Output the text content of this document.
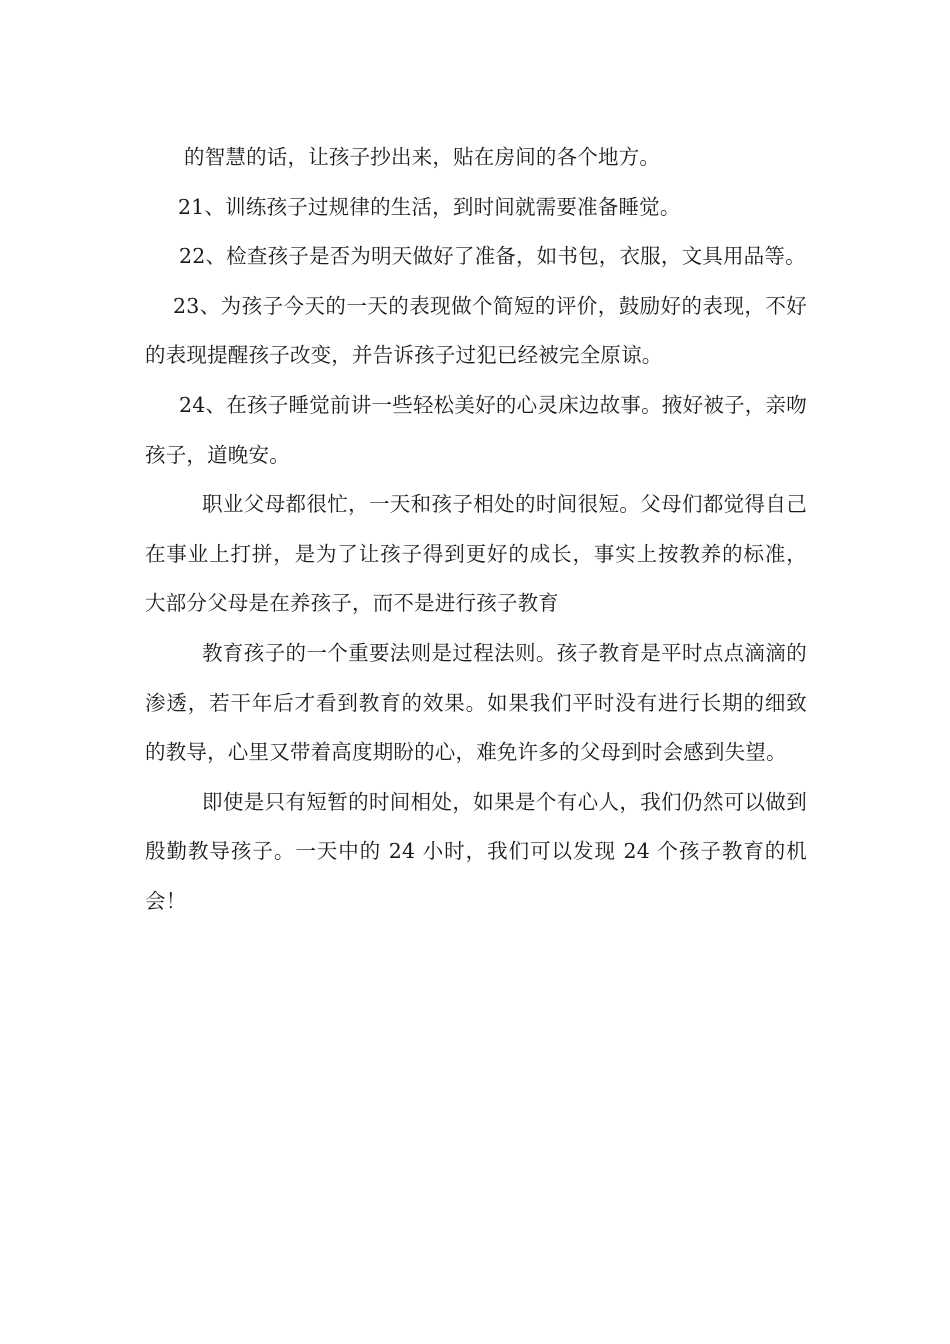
的智慧的话，让孩子抄出来，贴在房间的各个地方。

21、训练孩子过规律的生活，到时间就需要准备睡觉。

22、检查孩子是否为明天做好了准备，如书包，衣服，文具用品等。

23、为孩子今天的一天的表现做个简短的评价，鼓励好的表现，不好的表现提醒孩子改变，并告诉孩子过犯已经被完全原谅。

24、在孩子睡觉前讲一些轻松美好的心灵床边故事。掖好被子，亲吻孩子，道晚安。

职业父母都很忙，一天和孩子相处的时间很短。父母们都觉得自己在事业上打拼，是为了让孩子得到更好的成长，事实上按教养的标准，大部分父母是在养孩子，而不是进行孩子教育

教育孩子的一个重要法则是过程法则。孩子教育是平时点点滴滴的渗透，若干年后才看到教育的效果。如果我们平时没有进行长期的细致的教导，心里又带着高度期盼的心，难免许多的父母到时会感到失望。

即使是只有短暂的时间相处，如果是个有心人，我们仍然可以做到殷勤教导孩子。一天中的 24 小时，我们可以发现 24 个孩子教育的机会！
